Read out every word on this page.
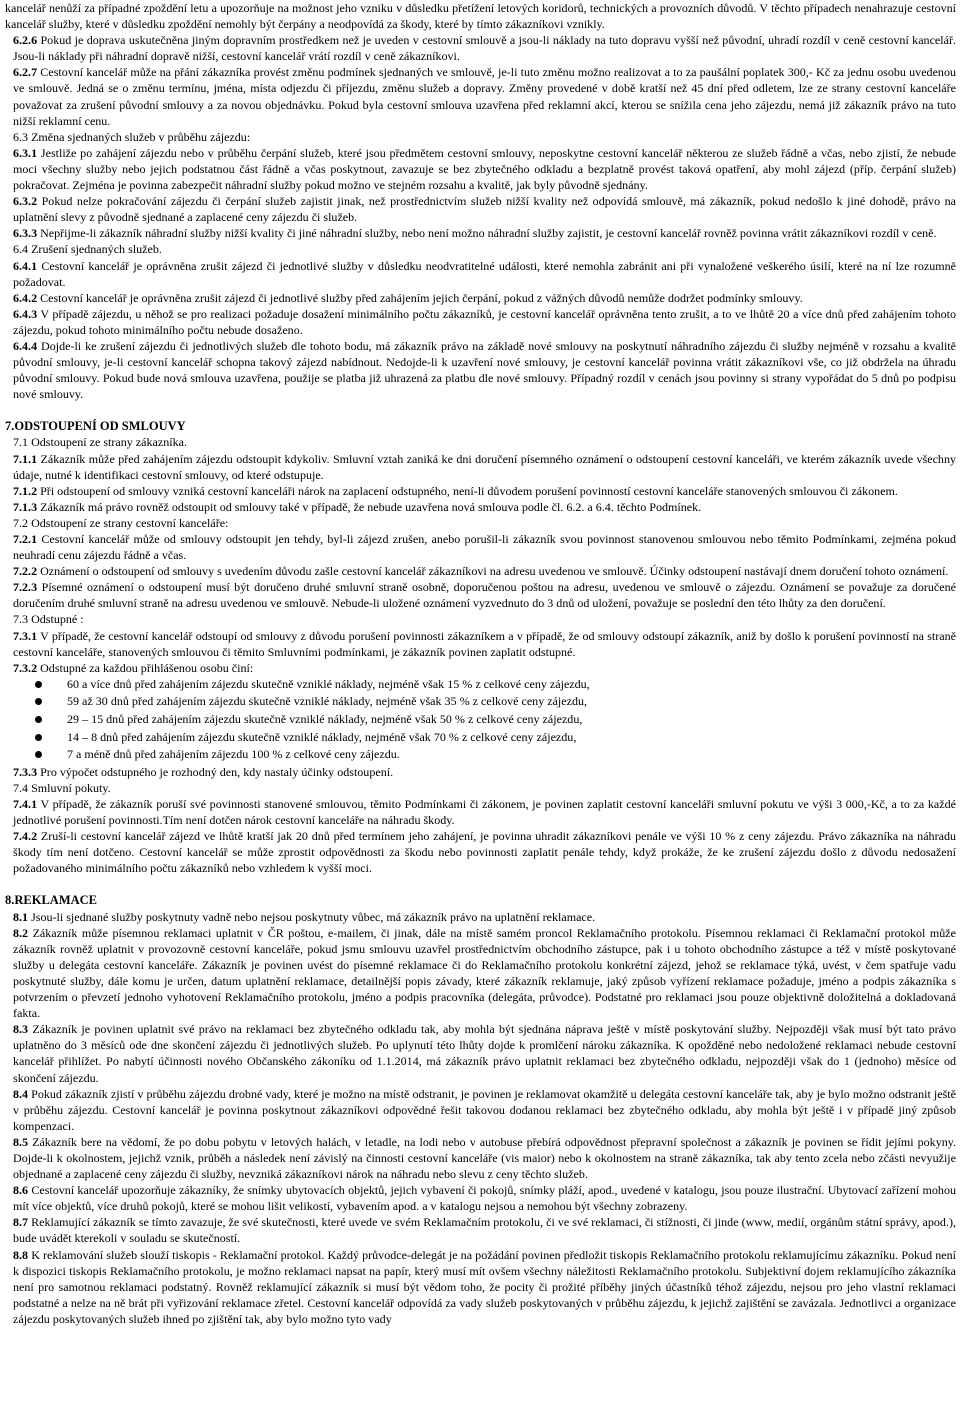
kancelář nenůží za případné zpoždění letu a upozorňuje na možnost jeho vzniku v důsledku přetížení letových koridorů, technických a provozních důvodů. V těchto případech nenahrazuje cestovní kancelář služby, které v důsledku zpoždění nemohly být čerpány a neodpovídá za škody, které by tímto zákazníkovi vznikly.

6.2.6 Pokud je doprava uskutečněna jiným dopravním prostředkem než je uveden v cestovní smlouvě a jsou-li náklady na tuto dopravu vyšší než původní, uhradí rozdíl v ceně cestovní kancelář. Jsou-li náklady při náhradní dopravě nižší, cestovní kancelář vrátí rozdíl v ceně zákazníkovi.

6.2.7 Cestovní kancelář může na přání zákazníka provést změnu podmínek sjednaných ve smlouvě, je-li tuto změnu možno realizovat a to za paušální poplatek 300,- Kč za jednu osobu uvedenou ve smlouvě. Jedná se o změnu termínu, jména, místa odjezdu či příjezdu, změnu služeb a dopravy. Změny provedené v době kratší než 45 dní před odletem, lze ze strany cestovní kanceláře považovat za zrušení původní smlouvy a za novou objednávku. Pokud byla cestovní smlouva uzavřena před reklamní akcí, kterou se snížila cena jeho zájezdu, nemá již zákazník právo na tuto nižší reklamní cenu.

6.3 Změna sjednaných služeb v průběhu zájezdu:

6.3.1 Jestliže po zahájení zájezdu nebo v průběhu čerpání služeb, které jsou předmětem cestovní smlouvy, neposkytne cestovní kancelář některou ze služeb řádně a včas, nebo zjistí, že nebude moci všechny služby nebo jejich podstatnou část řádně a včas poskytnout, zavazuje se bez zbytečného odkladu a bezplatně provést taková opatření, aby mohl zájezd (příp. čerpání služeb) pokračovat. Zejména je povinna zabezpečit náhradní služby pokud možno ve stejném rozsahu a kvalitě, jak byly původně sjednány.

6.3.2 Pokud nelze pokračování zájezdu či čerpání služeb zajistit jinak, než prostřednictvím služeb nižší kvality než odpovídá smlouvě, má zákazník, pokud nedošlo k jiné dohodě, právo na uplatnění slevy z původně sjednané a zaplacené ceny zájezdu či služeb.

6.3.3 Nepřijme-li zákazník náhradní služby nižší kvality či jiné náhradní služby, nebo není možno náhradní služby zajistit, je cestovní kancelář rovněž povinna vrátit zákazníkovi rozdíl v ceně.

6.4 Zrušení sjednaných služeb.

6.4.1 Cestovní kancelář je oprávněna zrušit zájezd či jednotlivé služby v důsledku neodvratitelné události, které nemohla zabránit ani při vynaložené veškerého úsilí, které na ní lze rozumně požadovat.

6.4.2 Cestovní kancelář je oprávněna zrušit zájezd či jednotlivé služby před zahájením jejich čerpání, pokud z vážných důvodů nemůže dodržet podmínky smlouvy.

6.4.3 V případě zájezdu, u něhož se pro realizaci požaduje dosažení minimálního počtu zákazníků, je cestovní kancelář oprávněna tento zrušit, a to ve lhůtě 20 a více dnů před zahájením tohoto zájezdu, pokud tohoto minimálního počtu nebude dosaženo.

6.4.4 Dojde-li ke zrušení zájezdu či jednotlivých služeb dle tohoto bodu, má zákazník právo na základě nové smlouvy na poskytnutí náhradního zájezdu či služby nejméně v rozsahu a kvalitě původní smlouvy, je-li cestovní kancelář schopna takový zájezd nabídnout. Nedojde-li k uzavření nové smlouvy, je cestovní kancelář povinna vrátit zákazníkovi vše, co již obdržela na úhradu původní smlouvy. Pokud bude nová smlouva uzavřena, použije se platba již uhrazená za platbu dle nové smlouvy. Případný rozdíl v cenách jsou povinny si strany vypořádat do 5 dnů po podpisu nové smlouvy.

7.ODSTOUPENÍ OD SMLOUVY

7.1 Odstoupení ze strany zákazníka.

7.1.1 Zákazník může před zahájením zájezdu odstoupit kdykoliv. Smluvní vztah zaniká ke dni doručení písemného oznámení o odstoupení cestovní kanceláři, ve kterém zákazník uvede všechny údaje, nutné k identifikaci cestovní smlouvy, od které odstupuje.

7.1.2 Při odstoupení od smlouvy vzniká cestovní kanceláři nárok na zaplacení odstupného, není-li důvodem porušení povinností cestovní kanceláře stanovených smlouvou či zákonem.

7.1.3 Zákazník má právo rovněž odstoupit od smlouvy také v případě, že nebude uzavřena nová smlouva podle čl. 6.2. a 6.4. těchto Podmínek.

7.2 Odstoupení ze strany cestovní kanceláře:

7.2.1 Cestovní kancelář může od smlouvy odstoupit jen tehdy, byl-li zájezd zrušen, anebo porušil-li zákazník svou povinnost stanovenou smlouvou nebo těmito Podmínkami, zejména pokud neuhradí cenu zájezdu řádně a včas.

7.2.2 Oznámení o odstoupení od smlouvy s uvedením důvodu zašle cestovní kancelář zákazníkovi na adresu uvedenou ve smlouvě. Účinky odstoupení nastávají dnem doručení tohoto oznámení.

7.2.3 Písemné oznámení o odstoupení musí být doručeno druhé smluvní straně osobně, doporučenou poštou na adresu, uvedenou ve smlouvě o zájezdu. Oznámení se považuje za doručené doručením druhé smluvní straně na adresu uvedenou ve smlouvě. Nebude-li uložené oznámení vyzvednuto do 3 dnů od uložení, považuje se poslední den této lhůty za den doručení.

7.3 Odstupné :

7.3.1 V případě, že cestovní kancelář odstoupí od smlouvy z důvodu porušení povinnosti zákazníkem a v případě, že od smlouvy odstoupí zákazník, aniž by došlo k porušení povinností na straně cestovní kanceláře, stanovených smlouvou či těmito Smluvními podmínkami, je zákazník povinen zaplatit odstupné.

7.3.2 Odstupné za každou přihlášenou osobu činí:

60 a více dnů před zahájením zájezdu skutečně vzniklé náklady, nejméně však 15 % z celkové ceny zájezdu,
59 až 30 dnů před zahájením zájezdu skutečně vzniklé náklady, nejméně však 35 % z celkové ceny zájezdu,
29 – 15 dnů před zahájením zájezdu skutečně vzniklé náklady, nejméně však 50 % z celkové ceny zájezdu,
14 – 8 dnů před zahájením zájezdu skutečně vzniklé náklady, nejméně však 70 % z celkové ceny zájezdu,
7 a méně dnů před zahájením zájezdu 100 % z celkové ceny zájezdu.

7.3.3 Pro výpočet odstupného je rozhodný den, kdy nastaly účinky odstoupení.

7.4 Smluvní pokuty.

7.4.1 V případě, že zákazník poruší své povinnosti stanovené smlouvou, těmito Podmínkami či zákonem, je povinen zaplatit cestovní kanceláři smluvní pokutu ve výši 3 000,-Kč, a to za každé jednotlivé porušení povinnosti.Tím není dotčen nárok cestovní kanceláře na náhradu škody.

7.4.2 Zruší-li cestovní kancelář zájezd ve lhůtě kratší jak 20 dnů před termínem jeho zahájení, je povinna uhradit zákazníkovi penále ve výši 10 % z ceny zájezdu. Právo zákazníka na náhradu škody tím není dotčeno. Cestovní kancelář se může zprostit odpovědnosti za škodu nebo povinnosti zaplatit penále tehdy, když prokáže, že ke zrušení zájezdu došlo z důvodu nedosažení požadovaného minimálního počtu zákazníků nebo vzhledem k vyšší moci.

8.REKLAMACE

8.1 Jsou-li sjednané služby poskytnuty vadně nebo nejsou poskytnuty vůbec, má zákazník právo na uplatnění reklamace.

8.2 Zákazník může písemnou reklamaci uplatnit v ČR poštou, e-mailem, či jinak, dále na místě samém proncol Reklamačního protokolu. Písemnou reklamaci či Reklamační protokol může zákazník rovněž uplatnit v provozovně cestovní kanceláře, pokud jsmu smlouvu uzavřel prostřednictvím obchodního zástupce, pak i u tohoto obchodního zástupce a též v místě poskytované služby u delegáta cestovní kanceláře. Zákazník je povinen uvést do písemné reklamace či do Reklamačního protokolu konkrétní zájezd, jehož se reklamace týká, uvést, v čem spatřuje vadu poskytnuté služby, dále komu je určen, datum uplatnění reklamace, detailnější popis závady, které zákazník reklamuje, jaký způsob vyřízení reklamace požaduje, jméno a podpis zákazníka s potvrzením o převzetí jednoho vyhotovení Reklamačního protokolu, jméno a podpis pracovníka (delegáta, průvodce). Podstatné pro reklamaci jsou pouze objektivně doložitelná a dokladovaná fakta.

8.3 Zákazník je povinen uplatnit své právo na reklamaci bez zbytečného odkladu tak, aby mohla být sjednána náprava ještě v místě poskytování služby. Nejpozději však musí být tato právo uplatněno do 3 měsíců ode dne skončení zájezdu či jednotlivých služeb. Po uplynutí této lhůty dojde k promlčení nároku zákazníka. K opožděné nebo nedoložené reklamaci nebude cestovní kancelář přihlížet. Po nabytí účinnosti nového Občanského zákoníku od 1.1.2014, má zákazník právo uplatnit reklamaci bez zbytečného odkladu, nejpozději však do 1 (jednoho) měsíce od skončení zájezdu.

8.4 Pokud zákazník zjistí v průběhu zájezdu drobné vady, které je možno na místě odstranit, je povinen je reklamovat okamžitě u delegáta cestovní kanceláře tak, aby je bylo možno odstranit ještě v průběhu zájezdu. Cestovní kancelář je povinna poskytnout zákazníkovi odpovědné řešit takovou dodanou reklamaci bez zbytečného odkladu, aby mohla být ještě i v případě jiný způsob kompenzaci.

8.5 Zákazník bere na vědomí, že po dobu pobytu v letových halách, v letadle, na lodi nebo v autobuse přebírá odpovědnost přepravní společnost a zákazník je povinen se řídit jejími pokyny. Dojde-li k okolnostem, jejichž vznik, průběh a následek není závislý na činnosti cestovní kanceláře (vis maior) nebo k okolnostem na straně zákazníka, tak aby tento zcela nebo zčásti nevyužije objednané a zaplacené ceny zájezdu či služby, nevzniká zákazníkovi nárok na náhradu nebo slevu z ceny těchto služeb.

8.6 Cestovní kancelář upozorňuje zákazníky, že snímky ubytovacích objektů, jejich vybavení či pokojů, snímky pláží, apod., uvedené v katalogu, jsou pouze ilustrační. Ubytovací zařízení mohou mít více objektů, více druhů pokojů, které se mohou lišit velikostí, vybavením apod. a v katalogu nejsou a nemohou být všechny zobrazeny.

8.7 Reklamující zákazník se tímto zavazuje, že své skutečnosti, které uvede ve svém Reklamačním protokolu, či ve své reklamaci, či stížnosti, či jinde (www, medií, orgánům státní správy, apod.), bude uvádět kterekoli v souladu se skutečností.

8.8 K reklamování služeb slouží tiskopis - Reklamační protokol. Každý průvodce-delegát je na požádání povinen předložit tiskopis Reklamačního protokolu reklamujícímu zákazníku. Pokud není k dispozici tiskopis Reklamačního protokolu, je možno reklamaci napsat na papír, který musí mít ovšem všechny náležitosti Reklamačního protokolu. Subjektivní dojem reklamujícího zákazníka není pro samotnou reklamaci podstatný. Rovněž reklamující zákazník si musí být vědom toho, že pocity či prožité příběhy jiných účastníků téhož zájezdu, nejsou pro jeho vlastní reklamaci podstatné a nelze na ně brát při vyřizování reklamace zřetel. Cestovní kancelář odpovídá za vady služeb poskytovaných v průběhu zájezdu, k jejichž zajištění se zavázala. Jednotlivci a organizace zájezdu poskytovaných služeb ihned po zjištění tak, aby bylo možno tyto vady
